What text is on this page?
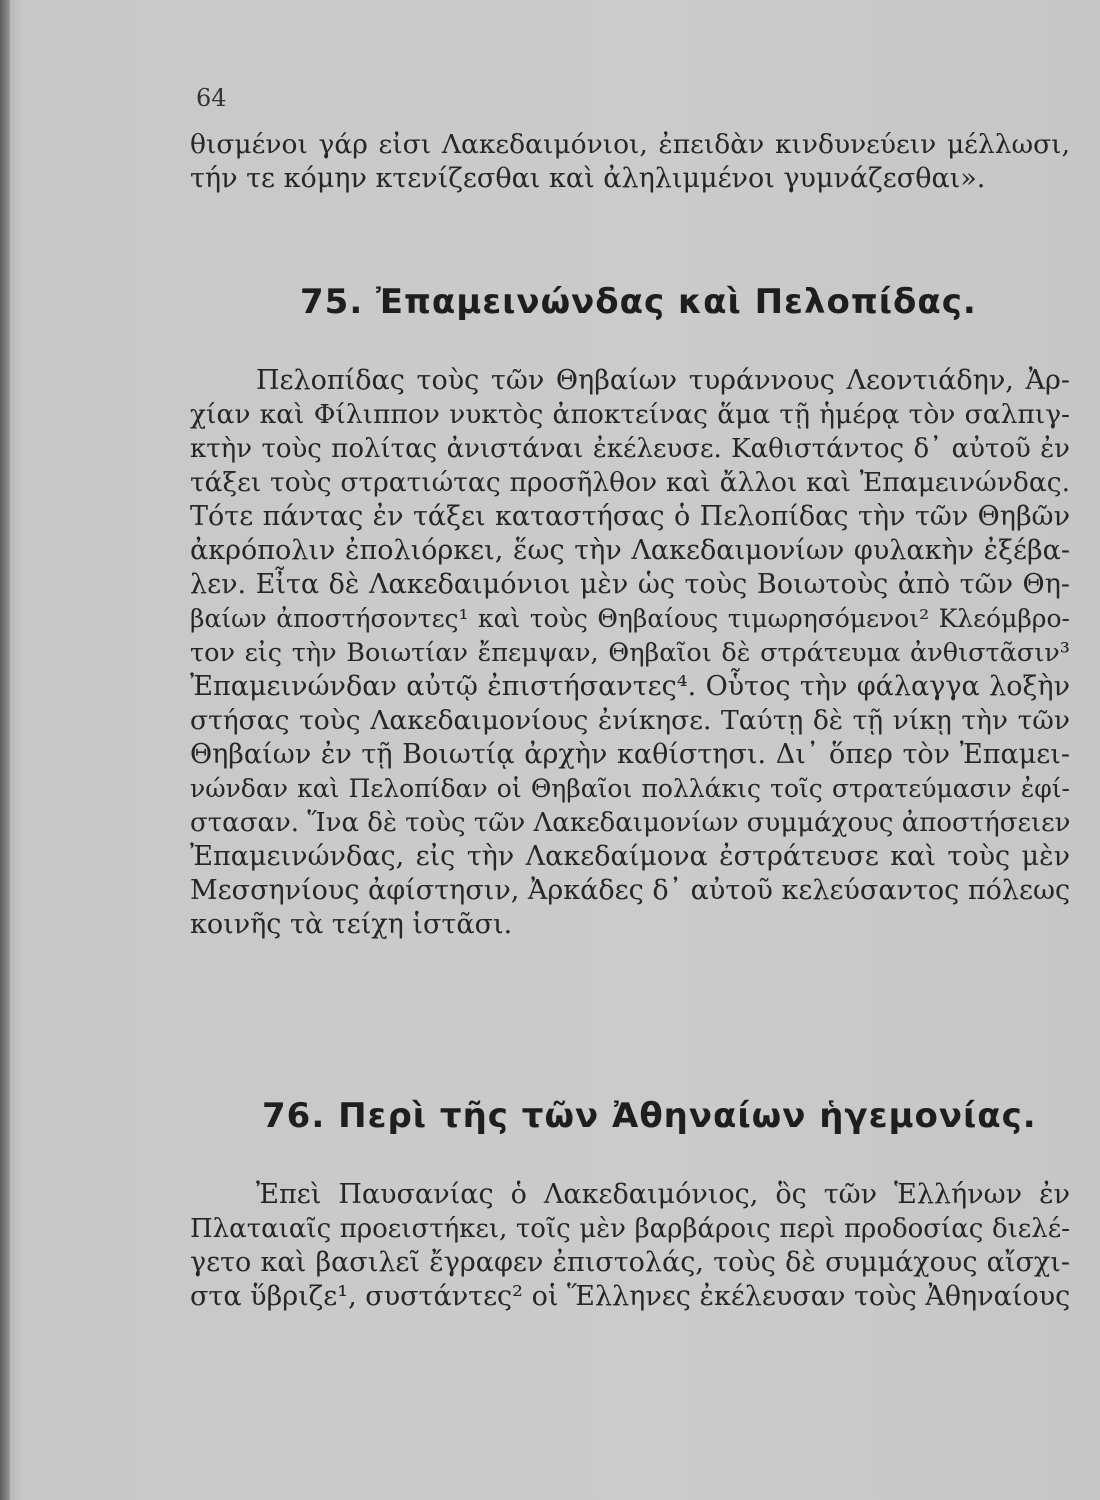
64
θισμένοι γάρ εἰσι Λακεδαιμόνιοι, ἐπειδὰν κινδυνεύειν μέλλωσι,
τήν τε κόμην κτενίζεσθαι καὶ ἀληλιμμένοι γυμνάζεσθαι».
75. Ἐπαμεινώνδας καὶ Πελοπίδας.
Πελοπίδας τοὺς τῶν Θηβαίων τυράννους Λεοντιάδην, Ἀρ-
χίαν καὶ Φίλιππον νυκτὸς ἀποκτείνας ἅμα τῇ ἡμέρᾳ τὸν σαλπιγ-
κτὴν τοὺς πολίτας ἀνιστάναι ἐκέλευσε. Καθιστάντος δ᾽ αὐτοῦ ἐν
τάξει τοὺς στρατιώτας προσῆλθον καὶ ἄλλοι καὶ Ἐπαμεινώνδας.
Τότε πάντας ἐν τάξει καταστήσας ὁ Πελοπίδας τὴν τῶν Θηβῶν
ἀκρόπολιν ἐπολιόρκει, ἕως τὴν Λακεδαιμονίων φυλακὴν ἐξέβα-
λεν. Εἶτα δὲ Λακεδαιμόνιοι μὲν ὡς τοὺς Βοιωτοὺς ἀπὸ τῶν Θη-
βαίων ἀποστήσοντες¹ καὶ τοὺς Θηβαίους τιμωρησόμενοι² Κλεόμβρο-
τον εἰς τὴν Βοιωτίαν ἔπεμψαν, Θηβαῖοι δὲ στράτευμα ἀνθιστᾶσιν³
Ἐπαμεινώνδαν αὐτῷ ἐπιστήσαντες⁴. Οὗτος τὴν φάλαγγα λοξὴν
στήσας τοὺς Λακεδαιμονίους ἐνίκησε. Ταύτῃ δὲ τῇ νίκῃ τὴν τῶν
Θηβαίων ἐν τῇ Βοιωτίᾳ ἀρχὴν καθίστησι. Δι᾽ ὅπερ τὸν Ἐπαμει-
νώνδαν καὶ Πελοπίδαν οἱ Θηβαῖοι πολλάκις τοῖς στρατεύμασιν ἐφί-
στασαν. Ἵνα δὲ τοὺς τῶν Λακεδαιμονίων συμμάχους ἀποστήσειεν
Ἐπαμεινώνδας, εἰς τὴν Λακεδαίμονα ἐστράτευσε καὶ τοὺς μὲν
Μεσσηνίους ἀφίστησιν, Ἀρκάδες δ᾽ αὐτοῦ κελεύσαντος πόλεως
κοινῆς τὰ τείχη ἱστᾶσι.
76. Περὶ τῆς τῶν Ἀθηναίων ἡγεμονίας.
Ἐπεὶ Παυσανίας ὁ Λακεδαιμόνιος, ὃς τῶν Ἑλλήνων ἐν
Πλαταιαῖς προειστήκει, τοῖς μὲν βαρβάροις περὶ προδοσίας διελέ-
γετο καὶ βασιλεῖ ἔγραφεν ἐπιστολάς, τοὺς δὲ συμμάχους αἴσχι-
στα ὕβριζε¹, συστάντες² οἱ Ἕλληνες ἐκέλευσαν τοὺς Ἀθηναίους
